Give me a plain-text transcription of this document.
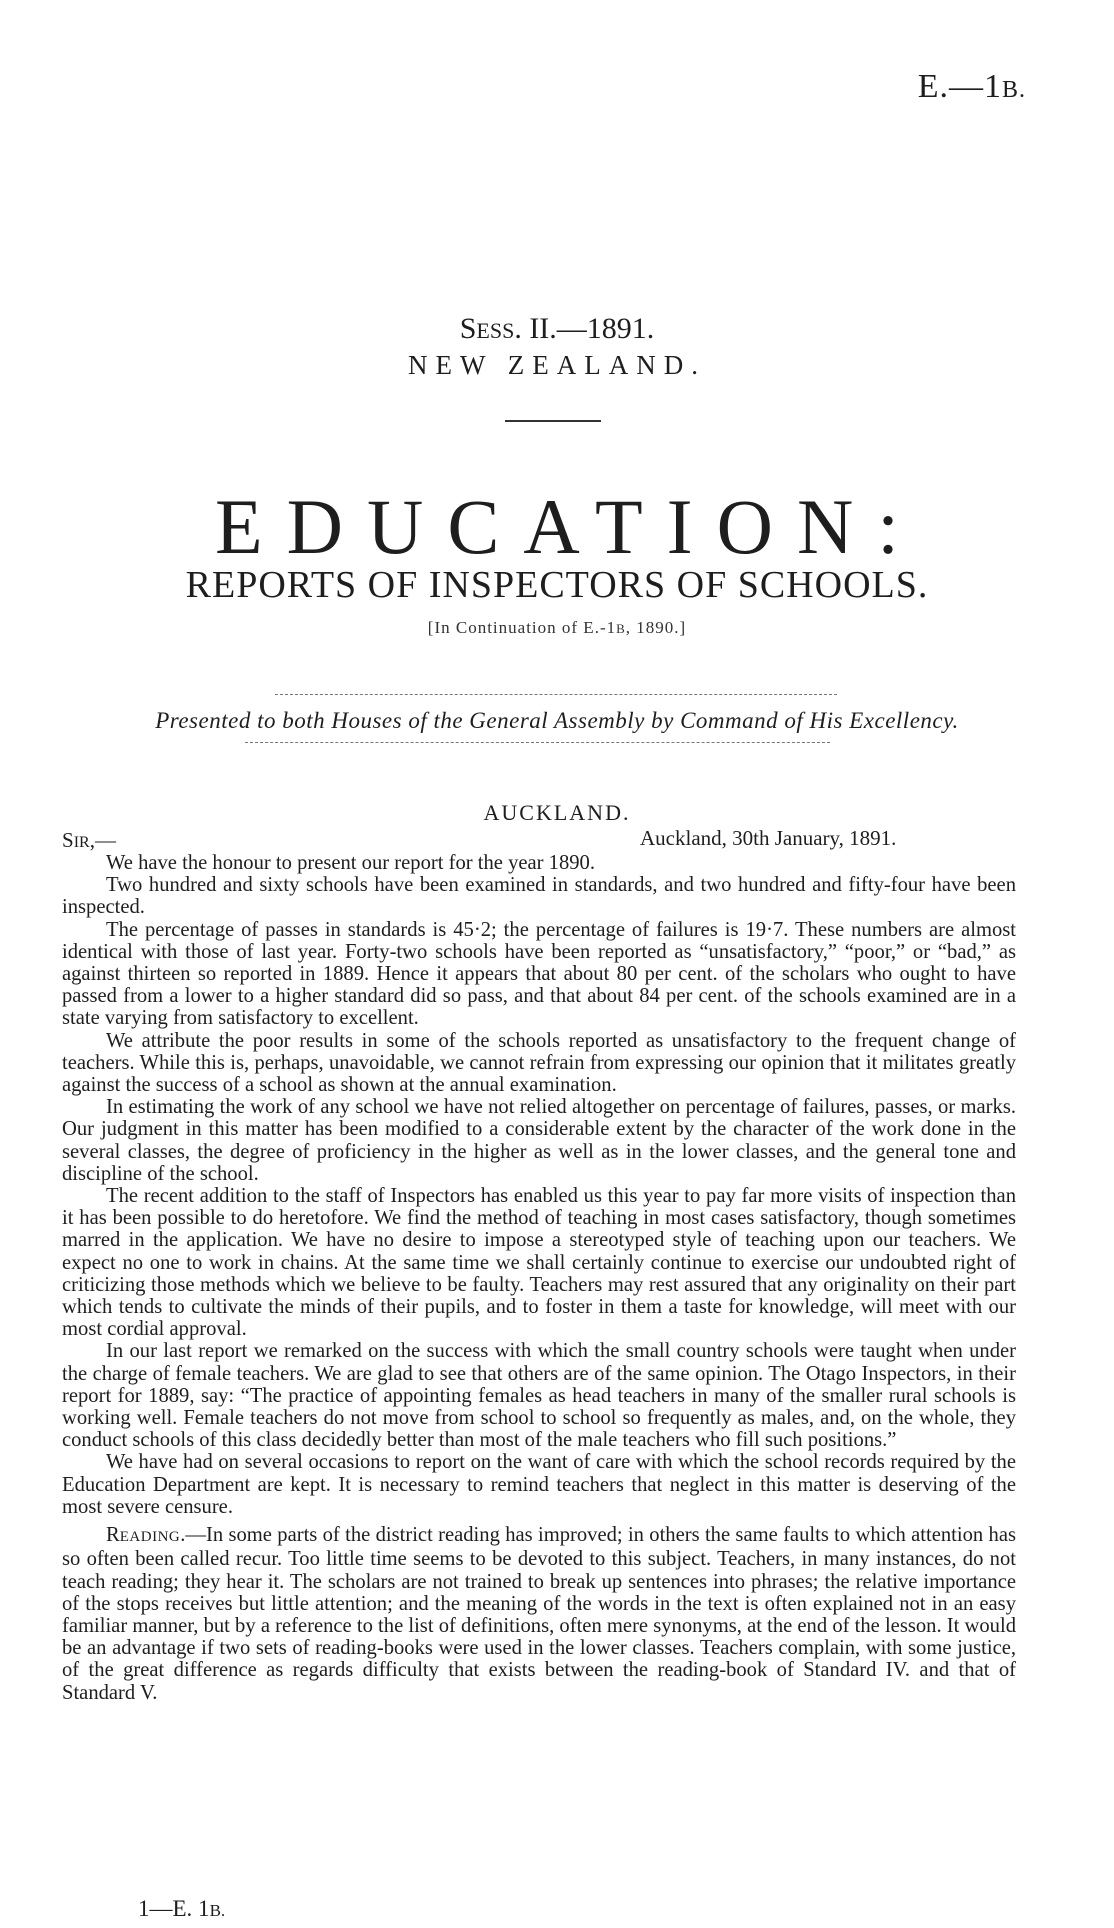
E.—1B.
SESS. II.—1891.
NEW ZEALAND.
EDUCATION:
REPORTS OF INSPECTORS OF SCHOOLS.
[In Continuation of E.-1B, 1890.]
Presented to both Houses of the General Assembly by Command of His Excellency.
AUCKLAND.
SIR,—	Auckland, 30th January, 1891.

We have the honour to present our report for the year 1890.

Two hundred and sixty schools have been examined in standards, and two hundred and fifty-four have been inspected.

The percentage of passes in standards is 45·2; the percentage of failures is 19·7. These numbers are almost identical with those of last year. Forty-two schools have been reported as “unsatisfactory,” “poor,” or “bad,” as against thirteen so reported in 1889. Hence it appears that about 80 per cent. of the scholars who ought to have passed from a lower to a higher standard did so pass, and that about 84 per cent. of the schools examined are in a state varying from satisfactory to excellent.

We attribute the poor results in some of the schools reported as unsatisfactory to the frequent change of teachers. While this is, perhaps, unavoidable, we cannot refrain from expressing our opinion that it militates greatly against the success of a school as shown at the annual examination.

In estimating the work of any school we have not relied altogether on percentage of failures, passes, or marks. Our judgment in this matter has been modified to a considerable extent by the character of the work done in the several classes, the degree of proficiency in the higher as well as in the lower classes, and the general tone and discipline of the school.

The recent addition to the staff of Inspectors has enabled us this year to pay far more visits of inspection than it has been possible to do heretofore. We find the method of teaching in most cases satisfactory, though sometimes marred in the application. We have no desire to impose a stereotyped style of teaching upon our teachers. We expect no one to work in chains. At the same time we shall certainly continue to exercise our undoubted right of criticizing those methods which we believe to be faulty. Teachers may rest assured that any originality on their part which tends to cultivate the minds of their pupils, and to foster in them a taste for knowledge, will meet with our most cordial approval.

In our last report we remarked on the success with which the small country schools were taught when under the charge of female teachers. We are glad to see that others are of the same opinion. The Otago Inspectors, in their report for 1889, say: “The practice of appointing females as head teachers in many of the smaller rural schools is working well. Female teachers do not move from school to school so frequently as males, and, on the whole, they conduct schools of this class decidedly better than most of the male teachers who fill such positions.”

We have had on several occasions to report on the want of care with which the school records required by the Education Department are kept. It is necessary to remind teachers that neglect in this matter is deserving of the most severe censure.

READING.—In some parts of the district reading has improved; in others the same faults to which attention has so often been called recur. Too little time seems to be devoted to this subject. Teachers, in many instances, do not teach reading; they hear it. The scholars are not trained to break up sentences into phrases; the relative importance of the stops receives but little attention; and the meaning of the words in the text is often explained not in an easy familiar manner, but by a reference to the list of definitions, often mere synonyms, at the end of the lesson. It would be an advantage if two sets of reading-books were used in the lower classes. Teachers complain, with some justice, of the great difference as regards difficulty that exists between the reading-book of Standard IV. and that of Standard V.

1—E. 1B.
